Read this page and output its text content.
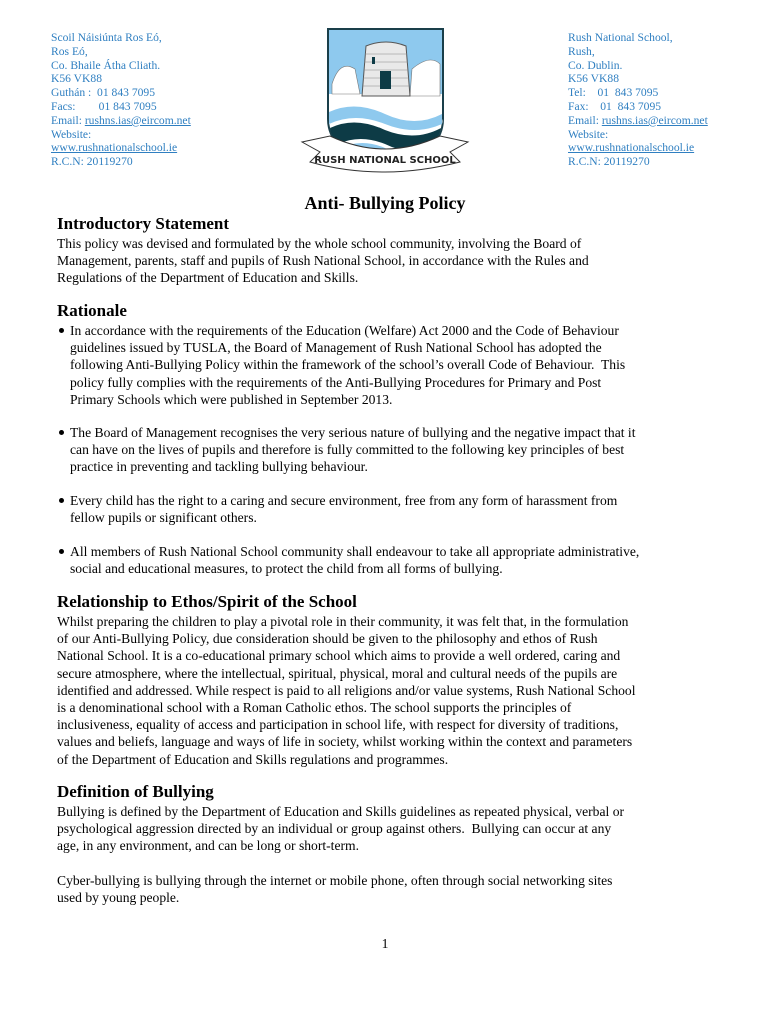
Scoil Náisiúnta Ros Eó,
Ros Eó,
Co. Bhaile Átha Cliath.
K56 VK88
Guthán :  01 843 7095
Facs:        01 843 7095
Email: rushns.ias@eircom.net
Website:
www.rushnationalschool.ie
R.C.N: 20119270	RUSH NATIONAL SCHOOL
Rush National School,
Rush,
Co. Dublin.
K56 VK88
Tel:    01  843 7095
Fax:    01  843 7095
Email: rushns.ias@eircom.net
Website:
www.rushnationalschool.ie
R.C.N: 20119270
Anti- Bullying Policy
Introductory Statement
This policy was devised and formulated by the whole school community, involving the Board of
Management, parents, staff and pupils of Rush National School, in accordance with the Rules and
Regulations of the Department of Education and Skills.
Rationale
In accordance with the requirements of the Education (Welfare) Act 2000 and the Code of Behaviour
guidelines issued by TUSLA, the Board of Management of Rush National School has adopted the
following Anti-Bullying Policy within the framework of the school’s overall Code of Behaviour.  This
policy fully complies with the requirements of the Anti-Bullying Procedures for Primary and Post
Primary Schools which were published in September 2013.
The Board of Management recognises the very serious nature of bullying and the negative impact that it
can have on the lives of pupils and therefore is fully committed to the following key principles of best
practice in preventing and tackling bullying behaviour.
Every child has the right to a caring and secure environment, free from any form of harassment from
fellow pupils or significant others.
All members of Rush National School community shall endeavour to take all appropriate administrative,
social and educational measures, to protect the child from all forms of bullying.
Relationship to Ethos/Spirit of the School
Whilst preparing the children to play a pivotal role in their community, it was felt that, in the formulation
of our Anti-Bullying Policy, due consideration should be given to the philosophy and ethos of Rush
National School. It is a co-educational primary school which aims to provide a well ordered, caring and
secure atmosphere, where the intellectual, spiritual, physical, moral and cultural needs of the pupils are
identified and addressed. While respect is paid to all religions and/or value systems, Rush National School
is a denominational school with a Roman Catholic ethos. The school supports the principles of
inclusiveness, equality of access and participation in school life, with respect for diversity of traditions,
values and beliefs, language and ways of life in society, whilst working within the context and parameters
of the Department of Education and Skills regulations and programmes.
Definition of Bullying
Bullying is defined by the Department of Education and Skills guidelines as repeated physical, verbal or
psychological aggression directed by an individual or group against others.  Bullying can occur at any
age, in any environment, and can be long or short-term.
Cyber-bullying is bullying through the internet or mobile phone, often through social networking sites
used by young people.
1
